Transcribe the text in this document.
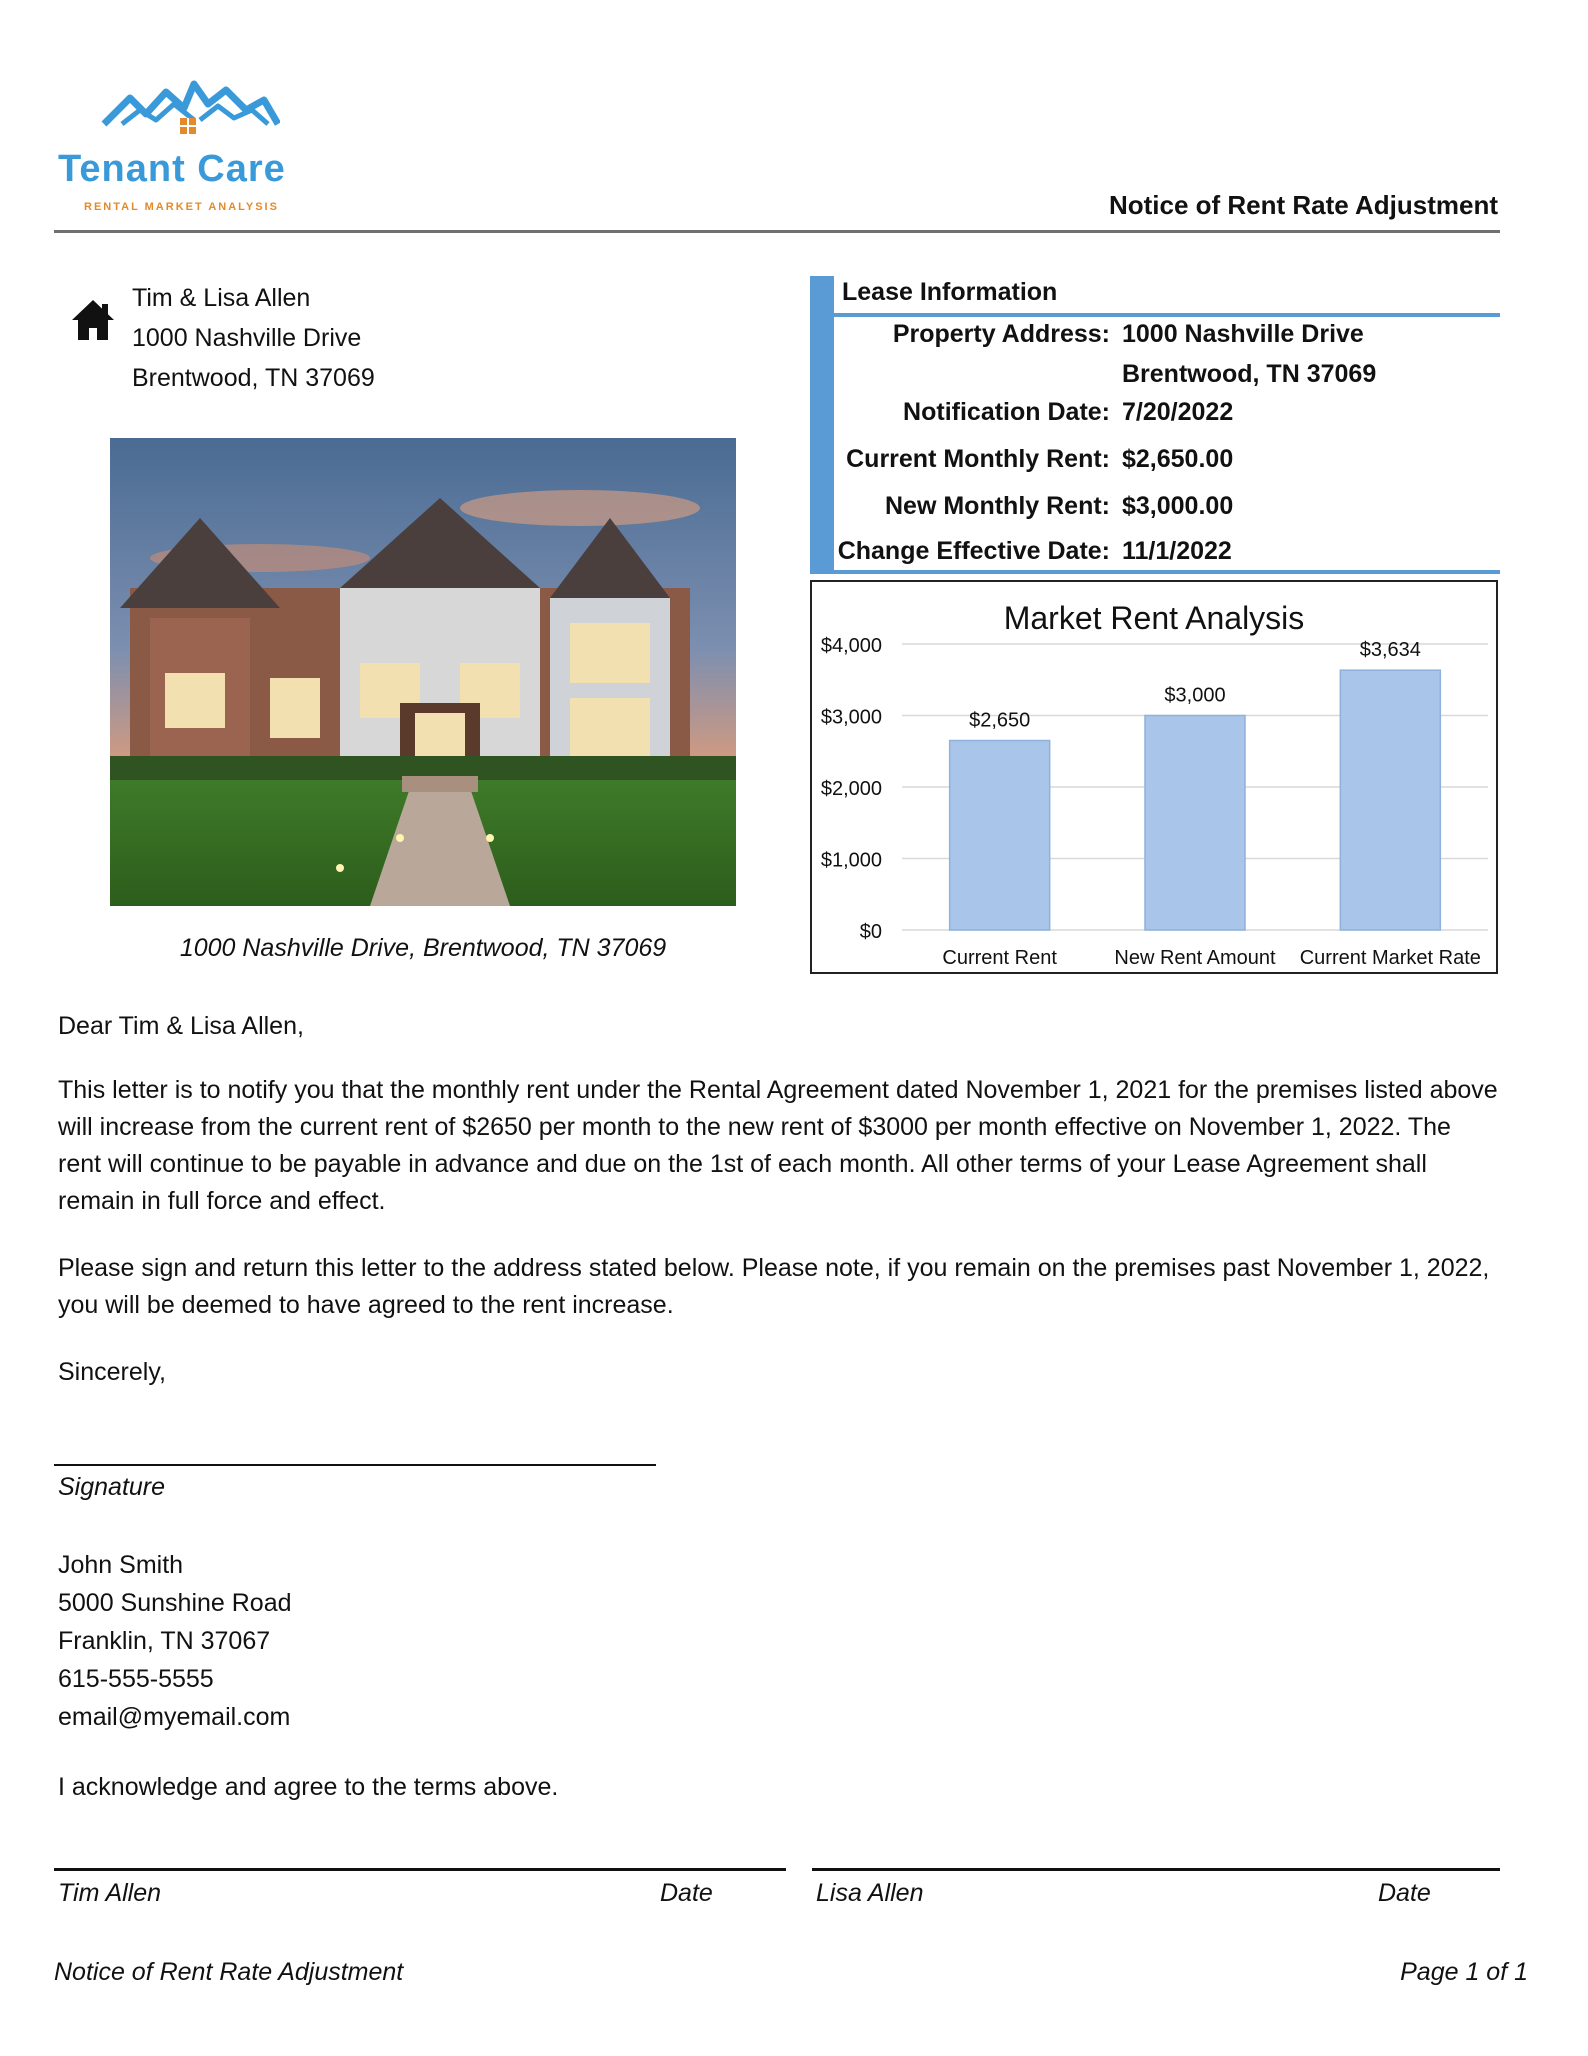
Tenant Care
RENTAL MARKET ANALYSIS	Notice of Rent Rate Adjustment
Tim & Lisa Allen
1000 Nashville Drive
Brentwood, TN 37069
1000 Nashville Drive, Brentwood, TN 37069
Lease Information
Property Address: 1000 Nashville Drive
Brentwood, TN 37069
Notification Date: 7/20/2022
Current Monthly Rent: $2,650.00
New Monthly Rent: $3,000.00
Change Effective Date: 11/1/2022
Market Rent Analysis
$0
$1,000
$2,000
$3,000
$4,000
$2,650
Current Rent
$3,000
New Rent Amount
$3,634
Current Market Rate
Dear Tim & Lisa Allen,
This letter is to notify you that the monthly rent under the Rental Agreement dated November 1, 2021 for the premises listed above will increase from the current rent of $2650 per month to the new rent of $3000 per month effective on November 1, 2022. The rent will continue to be payable in advance and due on the 1st of each month. All other terms of your Lease Agreement shall remain in full force and effect.
Please sign and return this letter to the address stated below. Please note, if you remain on the premises past November 1, 2022, you will be deemed to have agreed to the rent increase.
Sincerely,
Signature
John Smith
5000 Sunshine Road
Franklin, TN 37067
615-555-5555
email@myemail.com
I acknowledge and agree to the terms above.
Tim Allen	Date	Lisa Allen	Date
Notice of Rent Rate Adjustment	Page 1 of 1
